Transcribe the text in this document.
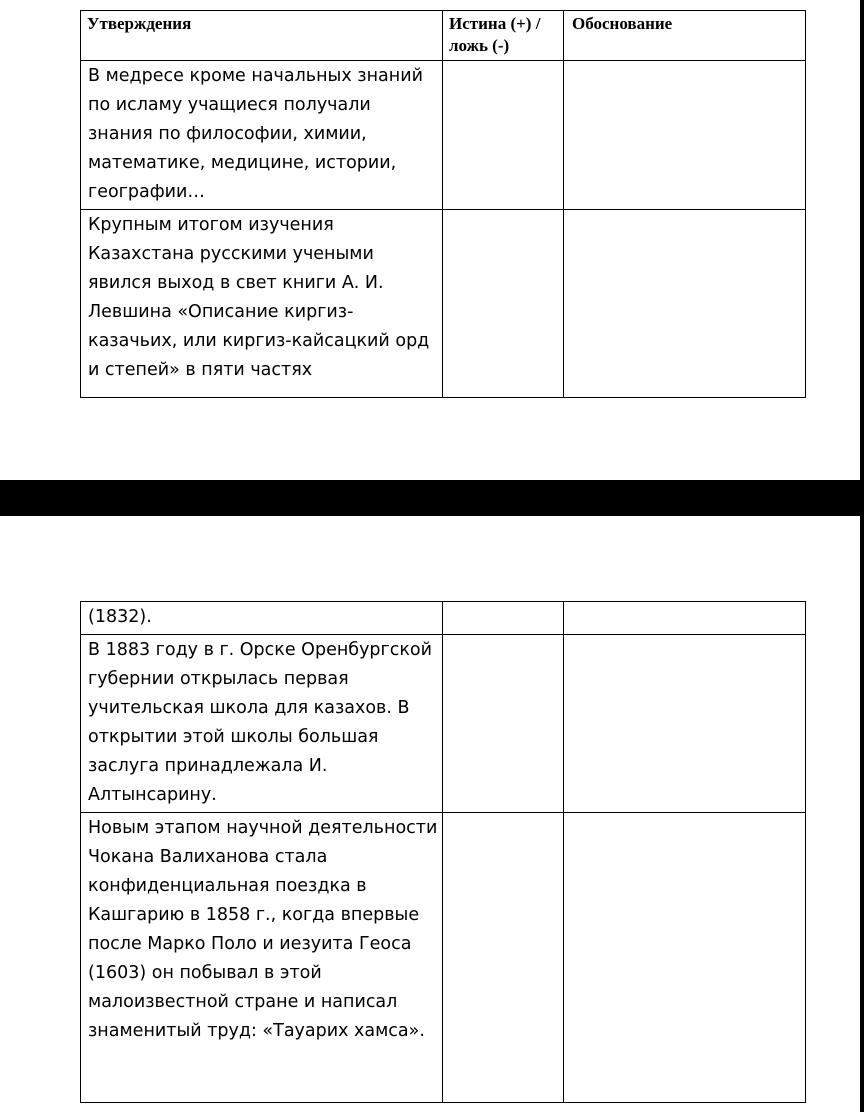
Утверждения	Истина (+) / ложь (-)	Обоснование
В медресе кроме начальных знаний по исламу учащиеся получали знания по философии, химии, математике, медицине, истории, географии…		
Крупным итогом изучения Казахстана русскими учеными явился выход в свет книги А. И. Левшина «Описание киргиз-казачьих, или киргиз-кайсацкий орд и степей» в пяти частях		
(1832).		
В 1883 году в г. Орске Оренбургской губернии открылась первая учительская школа для казахов. В открытии этой школы большая заслуга принадлежала И. Алтынсарину.		
Новым этапом научной деятельности Чокана Валиханова стала конфиденциальная поездка в Кашгарию в 1858 г., когда впервые после Марко Поло и иезуита Геоса (1603) он побывал в этой малоизвестной стране и написал знаменитый труд: «Тауарих хамса».		
